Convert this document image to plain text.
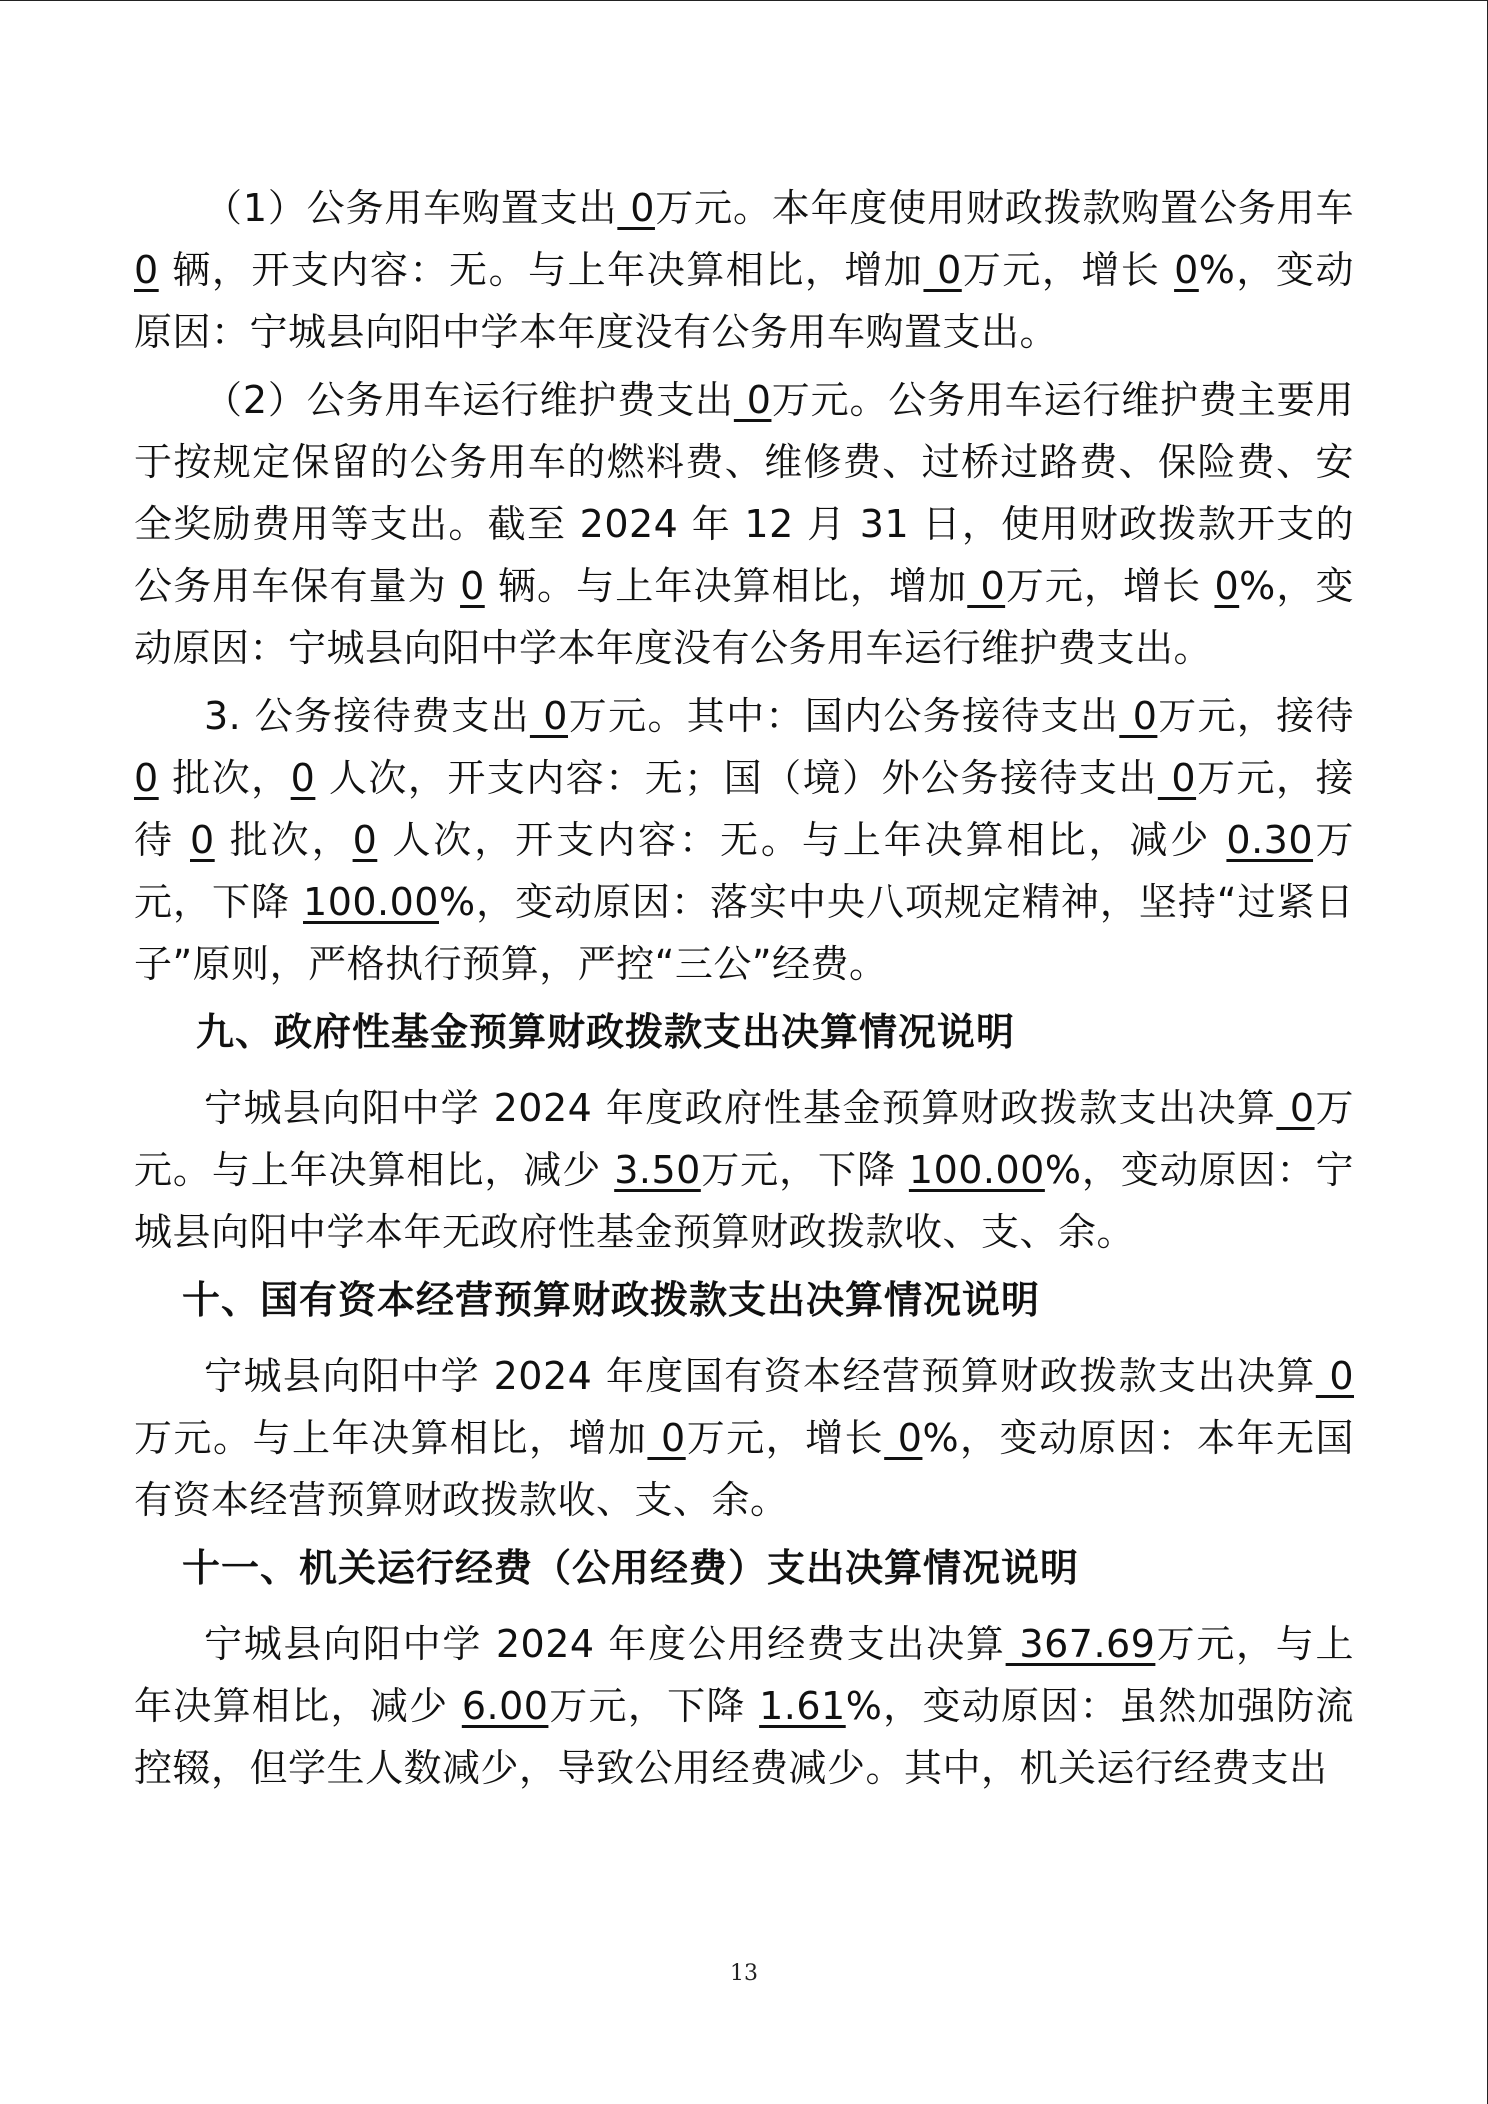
（1）公务用车购置支出 0万元。本年度使用财政拨款购置公务用车 0 辆，开支内容：无。与上年决算相比，增加 0万元，增长 0%，变动原因：宁城县向阳中学本年度没有公务用车购置支出。

（2）公务用车运行维护费支出 0万元。公务用车运行维护费主要用于按规定保留的公务用车的燃料费、维修费、过桥过路费、保险费、安全奖励费用等支出。截至 2024 年 12 月 31 日，使用财政拨款开支的公务用车保有量为 0 辆。与上年决算相比，增加 0万元，增长 0%，变动原因：宁城县向阳中学本年度没有公务用车运行维护费支出。

3. 公务接待费支出 0万元。其中：国内公务接待支出 0万元，接待 0 批次，0 人次，开支内容：无；国（境）外公务接待支出 0万元，接待 0 批次，0 人次，开支内容：无。与上年决算相比，减少 0.30万元，下降 100.00%，变动原因：落实中央八项规定精神，坚持“过紧日子”原则，严格执行预算，严控“三公”经费。

九、政府性基金预算财政拨款支出决算情况说明

宁城县向阳中学 2024 年度政府性基金预算财政拨款支出决算 0万元。与上年决算相比，减少 3.50万元，下降 100.00%，变动原因：宁城县向阳中学本年无政府性基金预算财政拨款收、支、余。

十、国有资本经营预算财政拨款支出决算情况说明

宁城县向阳中学 2024 年度国有资本经营预算财政拨款支出决算 0万元。与上年决算相比，增加 0万元，增长 0%，变动原因：本年无国有资本经营预算财政拨款收、支、余。

十一、机关运行经费（公用经费）支出决算情况说明

宁城县向阳中学 2024 年度公用经费支出决算 367.69万元，与上年决算相比，减少 6.00万元，下降 1.61%，变动原因：虽然加强防流控辍，但学生人数减少，导致公用经费减少。其中，机关运行经费支出

13
